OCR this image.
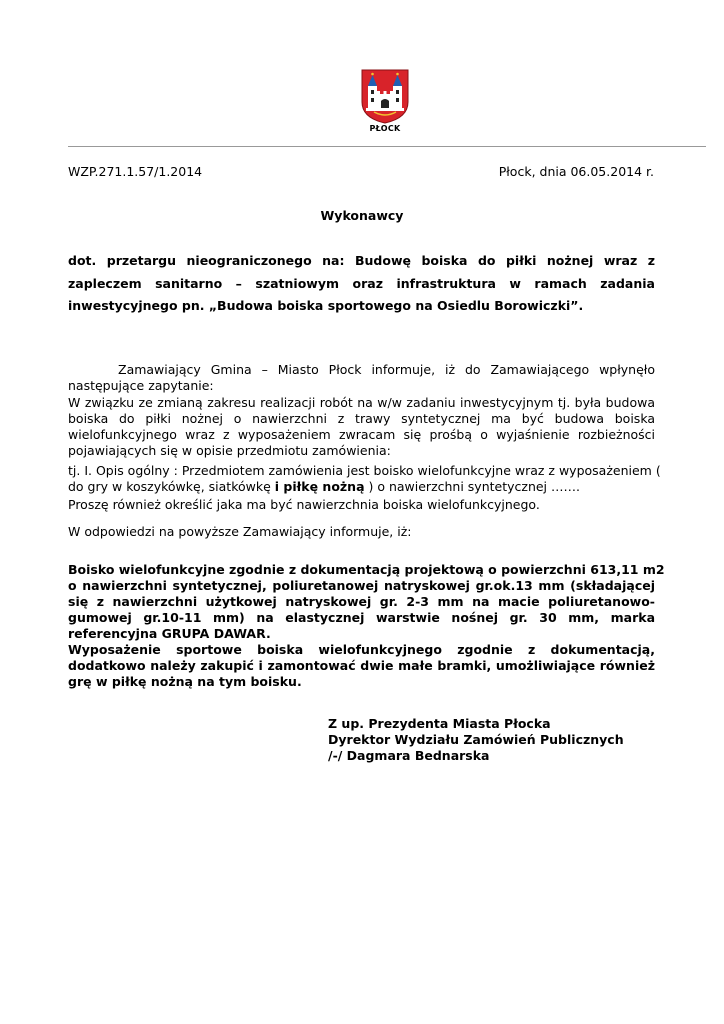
PŁOCK
WZP.271.1.57/1.2014	Płock, dnia 06.05.2014 r.
Wykonawcy
dot. przetargu nieograniczonego na: Budowę boiska do piłki nożnej wraz z
zapleczem sanitarno – szatniowym oraz infrastruktura w ramach zadania
inwestycyjnego pn. „Budowa boiska sportowego na Osiedlu Borowiczki”.
Zamawiający Gmina – Miasto Płock informuje, iż do Zamawiającego wpłynęło
następujące zapytanie:
W związku ze zmianą zakresu realizacji robót na w/w zadaniu inwestycyjnym tj. była budowa
boiska do piłki nożnej o nawierzchni z trawy syntetycznej ma być budowa boiska
wielofunkcyjnego wraz z wyposażeniem zwracam się prośbą o wyjaśnienie rozbieżności
pojawiających się w opisie przedmiotu zamówienia:
tj. I. Opis ogólny : Przedmiotem zamówienia jest boisko wielofunkcyjne wraz z wyposażeniem (
do gry w koszykówkę, siatkówkę i piłkę nożną ) o nawierzchni syntetycznej …….
Proszę również określić jaka ma być nawierzchnia boiska wielofunkcyjnego.
W odpowiedzi na powyższe Zamawiający informuje, iż:
Boisko wielofunkcyjne zgodnie z dokumentacją projektową o powierzchni 613,11 m2
o nawierzchni syntetycznej, poliuretanowej natryskowej gr.ok.13 mm (składającej
się z nawierzchni użytkowej natryskowej gr. 2-3 mm na macie poliuretanowo-
gumowej gr.10-11 mm) na elastycznej warstwie nośnej gr. 30 mm, marka
referencyjna GRUPA DAWAR.
Wyposażenie sportowe boiska wielofunkcyjnego zgodnie z dokumentacją,
dodatkowo należy zakupić i zamontować dwie małe bramki, umożliwiające również
grę w piłkę nożną na tym boisku.
Z up. Prezydenta Miasta Płocka
Dyrektor Wydziału Zamówień Publicznych
/-/ Dagmara Bednarska
